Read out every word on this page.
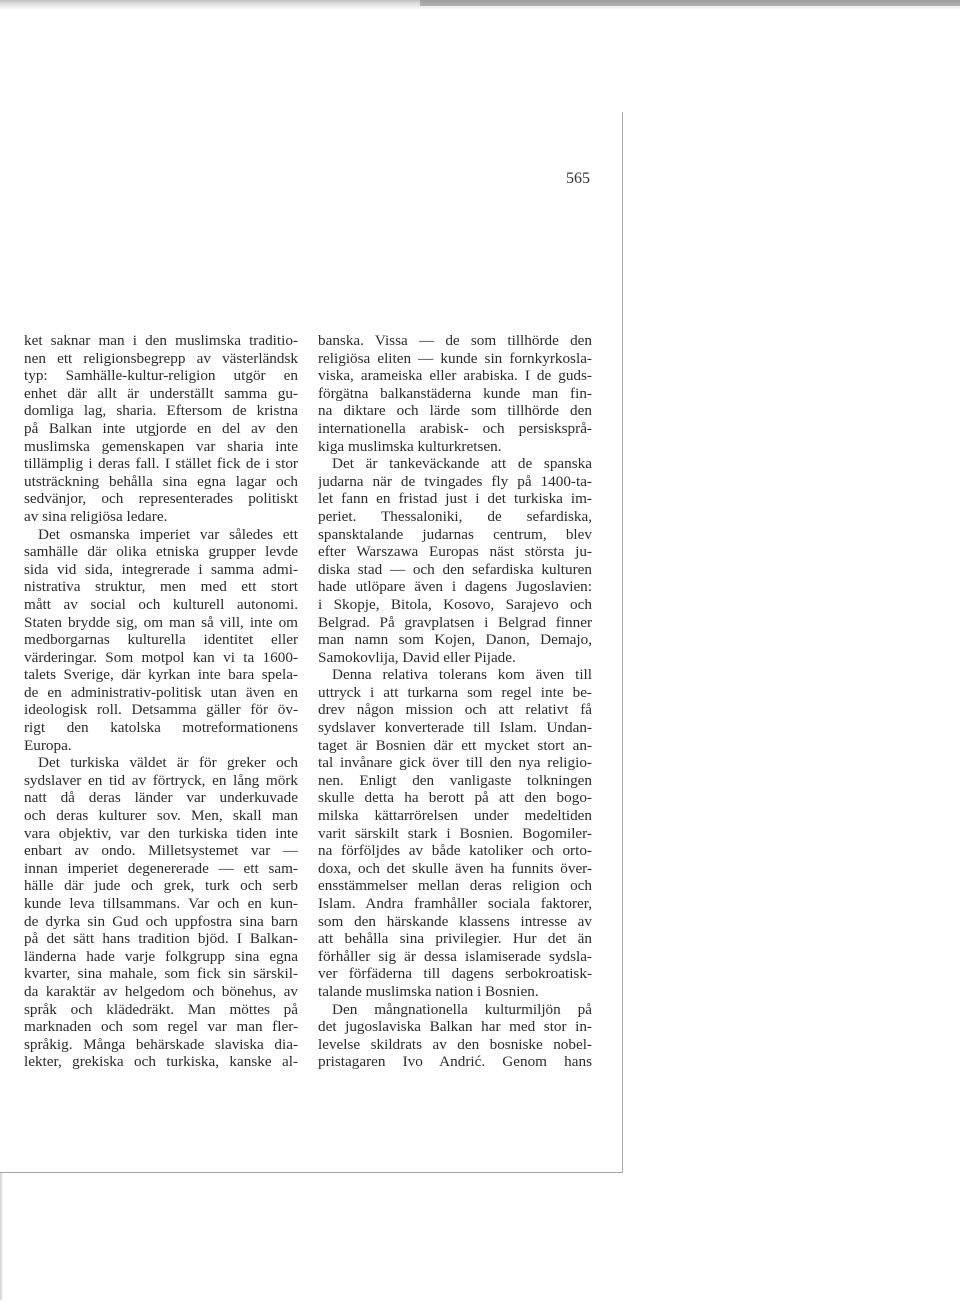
565
ket saknar man i den muslimska traditio-
nen ett religionsbegrepp av västerländsk
typ: Samhälle-kultur-religion utgör en
enhet där allt är underställt samma gu-
domliga lag, sharia. Eftersom de kristna
på Balkan inte utgjorde en del av den
muslimska gemenskapen var sharia inte
tillämplig i deras fall. I stället fick de i stor
utsträckning behålla sina egna lagar och
sedvänjor, och representerades politiskt
av sina religiösa ledare.
Det osmanska imperiet var således ett
samhälle där olika etniska grupper levde
sida vid sida, integrerade i samma admi-
nistrativa struktur, men med ett stort
mått av social och kulturell autonomi.
Staten brydde sig, om man så vill, inte om
medborgarnas kulturella identitet eller
värderingar. Som motpol kan vi ta 1600-
talets Sverige, där kyrkan inte bara spela-
de en administrativ-politisk utan även en
ideologisk roll. Detsamma gäller för öv-
rigt den katolska motreformationens
Europa.
Det turkiska väldet är för greker och
sydslaver en tid av förtryck, en lång mörk
natt då deras länder var underkuvade
och deras kulturer sov. Men, skall man
vara objektiv, var den turkiska tiden inte
enbart av ondo. Milletsystemet var —
innan imperiet degenererade — ett sam-
hälle där jude och grek, turk och serb
kunde leva tillsammans. Var och en kun-
de dyrka sin Gud och uppfostra sina barn
på det sätt hans tradition bjöd. I Balkan-
länderna hade varje folkgrupp sina egna
kvarter, sina mahale, som fick sin särskil-
da karaktär av helgedom och bönehus, av
språk och klädedräkt. Man möttes på
marknaden och som regel var man fler-
språkig. Många behärskade slaviska dia-
lekter, grekiska och turkiska, kanske al-
banska. Vissa — de som tillhörde den
religiösa eliten — kunde sin fornkyrkosla-
viska, arameiska eller arabiska. I de guds-
förgätna balkanstäderna kunde man fin-
na diktare och lärde som tillhörde den
internationella arabisk- och persisksprå-
kiga muslimska kulturkretsen.
Det är tankeväckande att de spanska
judarna när de tvingades fly på 1400-ta-
let fann en fristad just i det turkiska im-
periet. Thessaloniki, de sefardiska,
spansktalande judarnas centrum, blev
efter Warszawa Europas näst största ju-
diska stad — och den sefardiska kulturen
hade utlöpare även i dagens Jugoslavien:
i Skopje, Bitola, Kosovo, Sarajevo och
Belgrad. På gravplatsen i Belgrad finner
man namn som Kojen, Danon, Demajo,
Samokovlija, David eller Pijade.
Denna relativa tolerans kom även till
uttryck i att turkarna som regel inte be-
drev någon mission och att relativt få
sydslaver konverterade till Islam. Undan-
taget är Bosnien där ett mycket stort an-
tal invånare gick över till den nya religio-
nen. Enligt den vanligaste tolkningen
skulle detta ha berott på att den bogo-
milska kättarrörelsen under medeltiden
varit särskilt stark i Bosnien. Bogomiler-
na förföljdes av både katoliker och orto-
doxa, och det skulle även ha funnits över-
ensstämmelser mellan deras religion och
Islam. Andra framhåller sociala faktorer,
som den härskande klassens intresse av
att behålla sina privilegier. Hur det än
förhåller sig är dessa islamiserade sydsla-
ver förfäderna till dagens serbokroatisk-
talande muslimska nation i Bosnien.
Den mångnationella kulturmiljön på
det jugoslaviska Balkan har med stor in-
levelse skildrats av den bosniske nobel-
pristagaren Ivo Andrić. Genom hans
